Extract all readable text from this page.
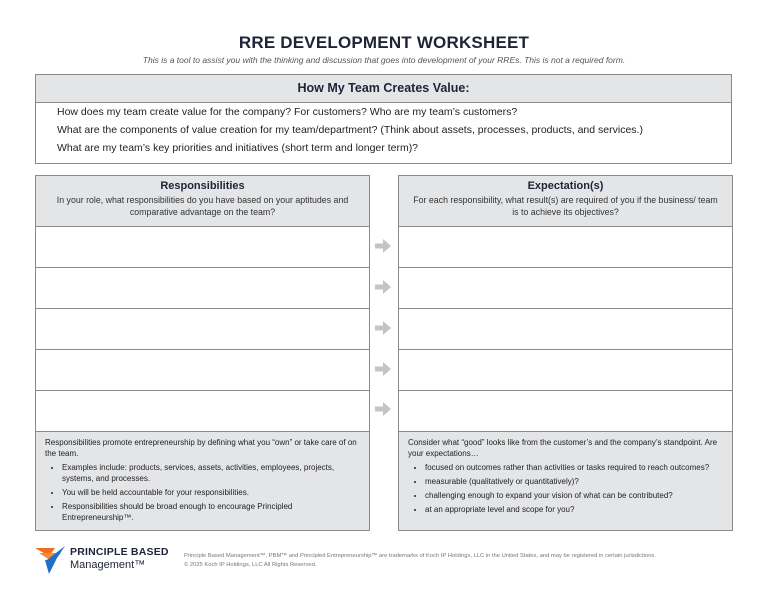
RRE DEVELOPMENT WORKSHEET
This is a tool to assist you with the thinking and discussion that goes into development of your RREs. This is not a required form.
How My Team Creates Value:
How does my team create value for the company? For customers? Who are my team’s customers?
What are the components of value creation for my team/department? (Think about assets, processes, products, and services.)
What are my team’s key priorities and initiatives (short term and longer term)?
Responsibilities
In your role, what responsibilities do you have based on your aptitudes and comparative advantage on the team?
Responsibilities promote entrepreneurship by defining what you “own” or take care of on the team.
• Examples include: products, services, assets, activities, employees, projects, systems, and processes.
• You will be held accountable for your responsibilities.
• Responsibilities should be broad enough to encourage Principled Entrepreneurship™.
Expectation(s)
For each responsibility, what result(s) are required of you if the business/ team is to achieve its objectives?
Consider what “good” looks like from the customer’s and the company’s standpoint. Are your expectations…
• focused on outcomes rather than activities or tasks required to reach outcomes?
• measurable (qualitatively or quantitatively)?
• challenging enough to expand your vision of what can be contributed?
• at an appropriate level and scope for you?
PRINCIPLE BASED
Management™
Principle Based Management™, PBM™ and Principled Entrepreneurship™ are trademarks of Koch IP Holdings, LLC in the United States, and may be registered in certain jurisdictions.
© 2025 Koch IP Holdings, LLC All Rights Reserved.
